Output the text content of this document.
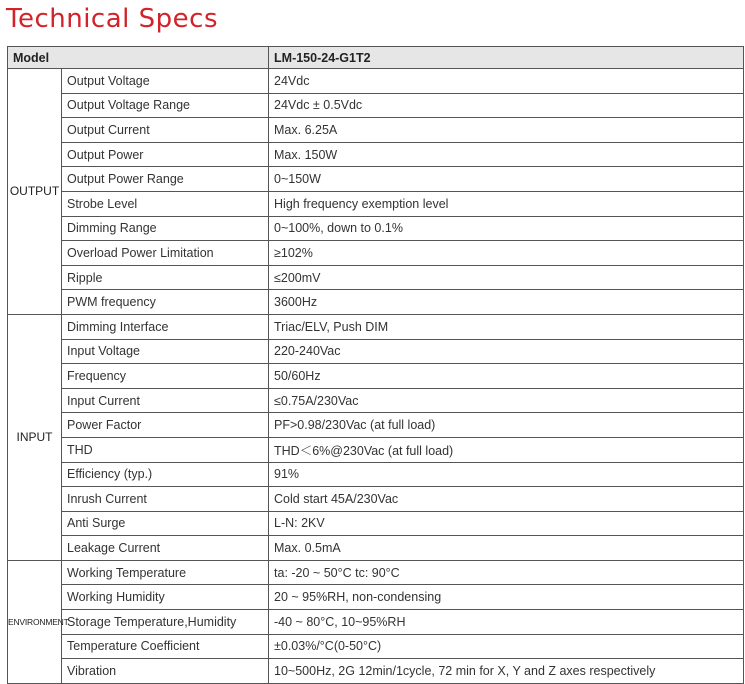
Technical Specs
Model		LM-150-24-G1T2
OUTPUT	Output Voltage	24Vdc
	Output Voltage Range	24Vdc ± 0.5Vdc
	Output Current	Max. 6.25A
	Output Power	Max. 150W
	Output Power Range	0~150W
	Strobe Level	High frequency exemption level
	Dimming Range	0~100%, down to 0.1%
	Overload Power Limitation	≥102%
	Ripple	≤200mV
	PWM frequency	3600Hz
INPUT	Dimming Interface	Triac/ELV, Push DIM
	Input Voltage	220-240Vac
	Frequency	50/60Hz
	Input Current	≤0.75A/230Vac
	Power Factor	PF>0.98/230Vac (at full load)
	THD	THD＜6%@230Vac (at full load)
	Efficiency (typ.)	91%
	Inrush Current	Cold start 45A/230Vac
	Anti Surge	L-N: 2KV
	Leakage Current	Max. 0.5mA
ENVIRONMENT	Working Temperature	ta: -20 ~ 50°C tc: 90°C
	Working Humidity	20 ~ 95%RH, non-condensing
	Storage Temperature,Humidity	-40 ~ 80°C, 10~95%RH
	Temperature Coefficient	±0.03%/°C(0-50°C)
	Vibration	10~500Hz, 2G 12min/1cycle, 72 min for X, Y and Z axes respectively
